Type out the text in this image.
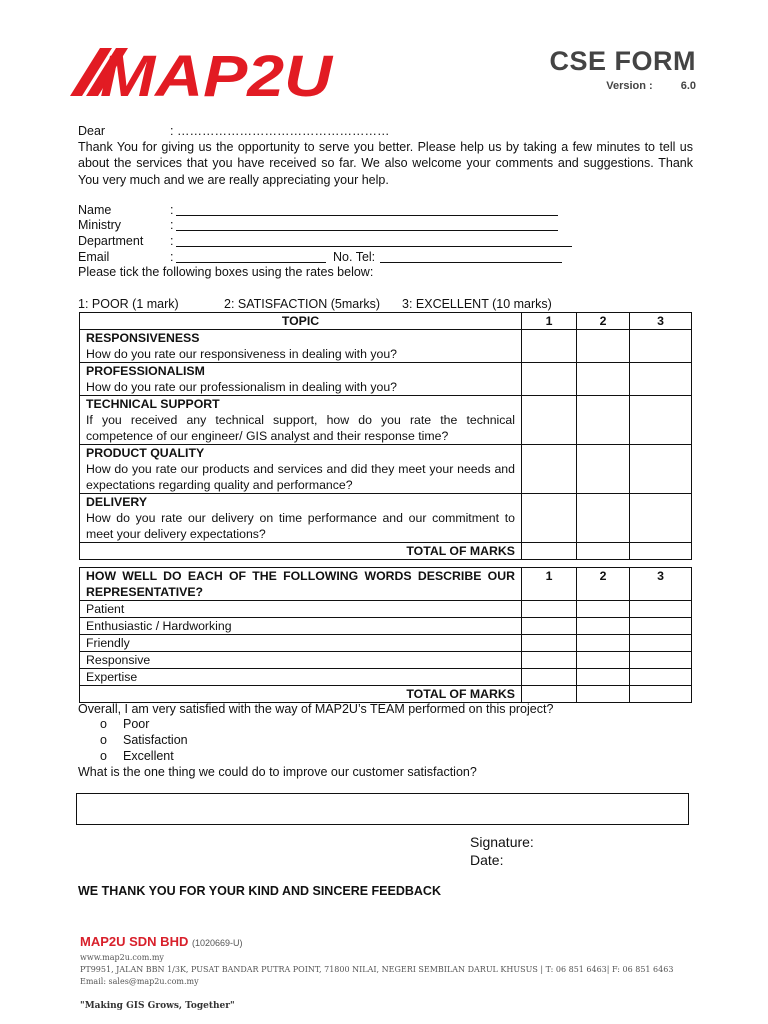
MAP2U	CSE FORM
Version :	6.0
Dear	: ……………………………………………
Thank You for giving us the opportunity to serve you better. Please help us by taking a few minutes to tell us about the services that you have received so far. We also welcome your comments and suggestions. Thank You very much and we are really appreciating your help.
Name	:
Ministry	:
Department :
Email	:	No. Tel:
Please tick the following boxes using the rates below:
1: POOR (1 mark)	2: SATISFACTION (5marks) 3: EXCELLENT (10 marks)
TOPIC	1	2	3

RESPONSIVENESS
How do you rate our responsiveness in dealing with you?			

PROFESSIONALISM
How do you rate our professionalism in dealing with you?			

TECHNICAL SUPPORT
If you received any technical support, how do you rate the technical competence of our engineer/ GIS analyst and their response time?			

PRODUCT QUALITY
How do you rate our products and services and did they meet your needs and expectations regarding quality and performance?			

DELIVERY
How do you rate our delivery on time performance and our commitment to meet your delivery expectations?			

TOTAL OF MARKS			
HOW WELL DO EACH OF THE FOLLOWING WORDS DESCRIBE OUR REPRESENTATIVE?	1	2	3
Patient			
Enthusiastic / Hardworking			
Friendly			
Responsive			
Expertise			
TOTAL OF MARKS			
Overall, I am very satisfied with the way of MAP2U’s TEAM performed on this project?
o Poor
o Satisfaction
o Excellent
What is the one thing we could do to improve our customer satisfaction?
Signature:
Date:
WE THANK YOU FOR YOUR KIND AND SINCERE FEEDBACK
MAP2U SDN BHD (1020669-U)
www.map2u.com.my
PT9951, JALAN BBN 1/3K, PUSAT BANDAR PUTRA POINT, 71800 NILAI, NEGERI SEMBILAN DARUL KHUSUS | T: 06 851 6463| F: 06 851 6463
Email: sales@map2u.com.my
"Making GIS Grows, Together"
